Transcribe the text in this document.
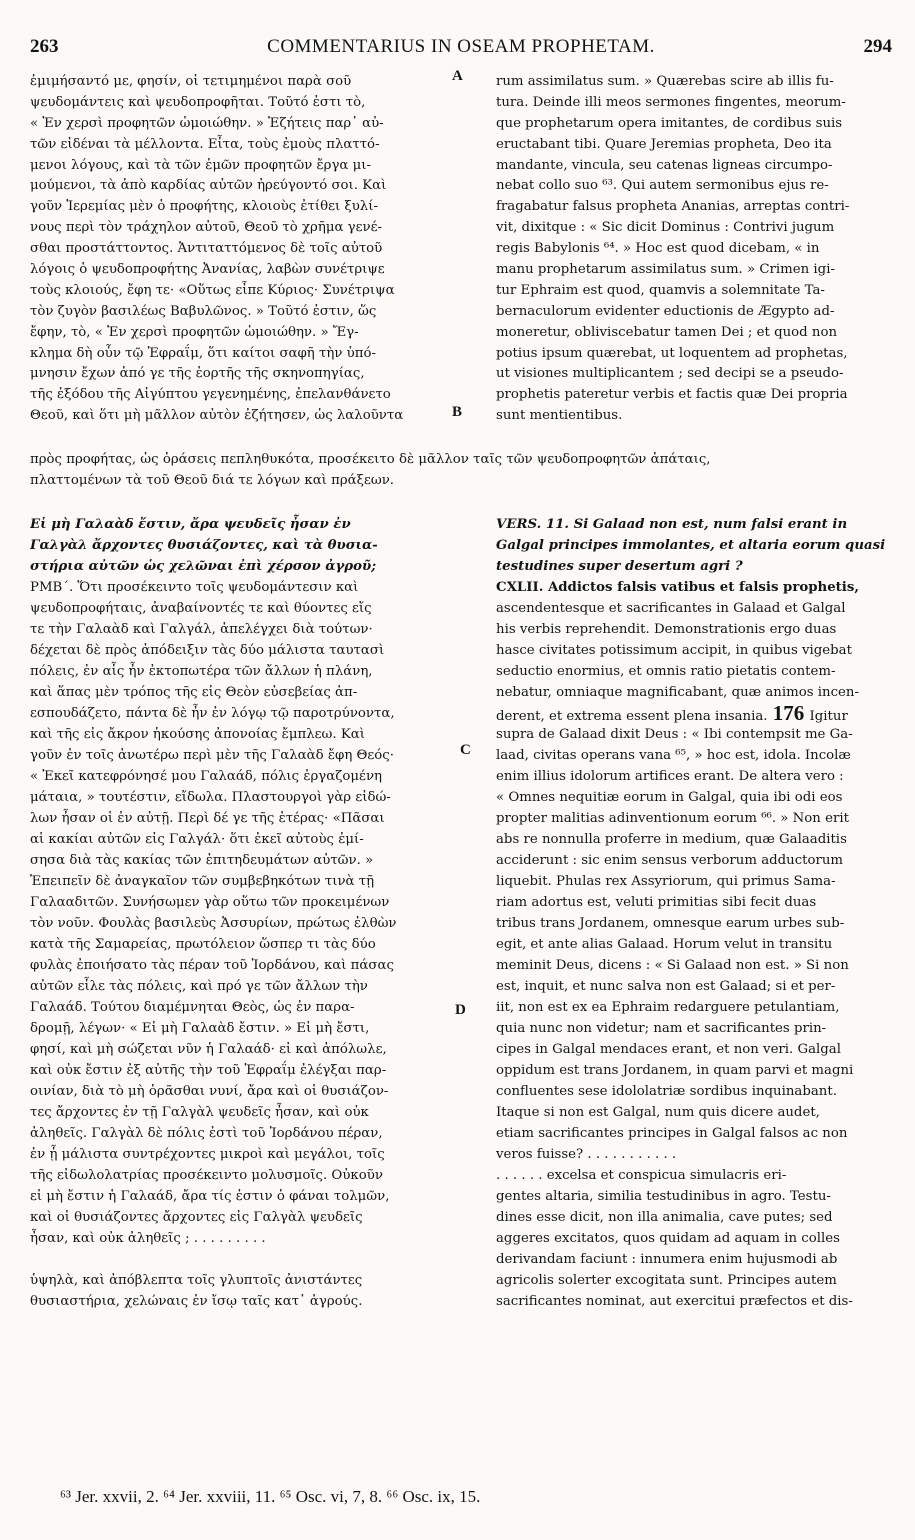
263	COMMENTARIUS IN OSEAM PROPHETAM.	294
ἐμιμήσαντό με, φησίν, οἱ τετιμημένοι παρὰ σοῦ
ψευδομάντεις καὶ ψευδοπροφῆται. Τοῦτό ἐστι τὸ,
« Ἐν χερσὶ προφητῶν ὡμοιώθην. » Ἐζήτεις παρ᾽ αὐ-
τῶν εἰδέναι τὰ μέλλοντα. Εἶτα, τοὺς ἐμοὺς πλαττό-
μενοι λόγους, καὶ τὰ τῶν ἐμῶν προφητῶν ἔργα μι-
μούμενοι, τὰ ἀπὸ καρδίας αὐτῶν ἠρεύγοντό σοι. Καὶ
γοῦν Ἱερεμίας μὲν ὁ προφήτης, κλοιοὺς ἐτίθει ξυλί-
νους περὶ τὸν τράχηλον αὐτοῦ, Θεοῦ τὸ χρῆμα γενέ-
σθαι προστάττοντος. Ἀντιταττόμενος δὲ τοῖς αὐτοῦ
λόγοις ὁ ψευδοπροφήτης Ἀνανίας, λαβὼν συνέτριψε
τοὺς κλοιούς, ἔφη τε· «Οὕτως εἶπε Κύριος· Συνέτριψα
τὸν ζυγὸν βασιλέως Βαβυλῶνος. » Τοῦτό ἐστιν, ὥς
ἔφην, τὸ, « Ἐν χερσὶ προφητῶν ὡμοιώθην. » Ἔγ-
κλημα δὴ οὖν τῷ Ἐφραΐμ, ὅτι καίτοι σαφῆ τὴν ὑπό-
μνησιν ἔχων ἀπό γε τῆς ἑορτῆς τῆς σκηνοπηγίας,
τῆς ἐξόδου τῆς Αἰγύπτου γεγενημένης, ἐπελανθάνετο
Θεοῦ, καὶ ὅτι μὴ μᾶλλον αὐτὸν ἐζήτησεν, ὡς λαλοῦντα
rum assimilatus sum. » Quærebas scire ab illis fu-
tura. Deinde illi meos sermones fingentes, meorum-
que prophetarum opera imitantes, de cordibus suis
eructabant tibi. Quare Jeremias propheta, Deo ita
mandante, vincula, seu catenas ligneas circumpo-
nebat collo suo ⁶³. Qui autem sermonibus ejus re-
fragabatur falsus propheta Ananias, arreptas contri-
vit, dixitque : « Sic dicit Dominus : Contrivi jugum
regis Babylonis ⁶⁴. » Hoc est quod dicebam, « in
manu prophetarum assimilatus sum. » Crimen igi-
tur Ephraim est quod, quamvis a solemnitate Ta-
bernaculorum evidenter eductionis de Ægypto ad-
moneretur, obliviscebatur tamen Dei ; et quod non
potius ipsum quærebat, ut loquentem ad prophetas,
ut visiones multiplicantem ; sed decipi se a pseudo-
prophetis pateretur verbis et factis quæ Dei propria
sunt mentientibus.
πρὸς προφήτας, ὡς ὁράσεις πεπληθυκότα, προσέκειτο δὲ μᾶλλον ταῖς τῶν ψευδοπροφητῶν ἀπάταις,
πλαττομένων τὰ τοῦ Θεοῦ διά τε λόγων καὶ πράξεων.
Εἰ μὴ Γαλαὰδ ἔστιν, ἄρα ψευδεῖς ἦσαν ἐν
Γαλγὰλ ἄρχοντες θυσιάζοντες, καὶ τὰ θυσια-
στήρια αὐτῶν ὡς χελῶναι ἐπὶ χέρσον ἀγροῦ;
ΡΜΒ´. Ὅτι προσέκειντο τοῖς ψευδομάντεσιν καὶ
ψευδοπροφήταις, ἀναβαίνοντές τε καὶ θύοντες εἴς
τε τὴν Γαλαὰδ καὶ Γαλγάλ, ἀπελέγχει διὰ τούτων·
δέχεται δὲ πρὸς ἀπόδειξιν τὰς δύο μάλιστα ταυτασὶ
πόλεις, ἐν αἷς ἦν ἐκτοπωτέρα τῶν ἄλλων ἡ πλάνη,
καὶ ἅπας μὲν τρόπος τῆς εἰς Θεὸν εὐσεβείας ἀπ-
εσπουδάζετο, πάντα δὲ ἦν ἐν λόγῳ τῷ παροτρύνοντα,
καὶ τῆς εἰς ἄκρον ἡκούσης ἀπονοίας ἔμπλεω. Καὶ
γοῦν ἐν τοῖς ἀνωτέρω περὶ μὲν τῆς Γαλαὰδ ἔφη Θεός·
« Ἐκεῖ κατεφρόνησέ μου Γαλαάδ, πόλις ἐργαζομένη
μάταια, » τουτέστιν, εἴδωλα. Πλαστουργοὶ γὰρ εἰδώ-
λων ἦσαν οἱ ἐν αὐτῇ. Περὶ δέ γε τῆς ἑτέρας· «Πᾶσαι
αἱ κακίαι αὐτῶν εἰς Γαλγάλ· ὅτι ἐκεῖ αὐτοὺς ἐμί-
σησα διὰ τὰς κακίας τῶν ἐπιτηδευμάτων αὐτῶν. »
Ἐπειπεῖν δὲ ἀναγκαῖον τῶν συμβεβηκότων τινὰ τῇ
Γαλααδιτῶν. Συνήσωμεν γὰρ οὕτω τῶν προκειμένων
τὸν νοῦν. Φουλὰς βασιλεὺς Ἀσσυρίων, πρώτως ἐλθὼν
κατὰ τῆς Σαμαρείας, πρωτόλειον ὥσπερ τι τὰς δύο
φυλὰς ἐποιήσατο τὰς πέραν τοῦ Ἰορδάνου, καὶ πάσας
αὐτῶν εἷλε τὰς πόλεις, καὶ πρό γε τῶν ἄλλων τὴν
Γαλαάδ. Τούτου διαμέμνηται Θεὸς, ὡς ἐν παρα-
δρομῇ, λέγων· « Εἰ μὴ Γαλαὰδ ἔστιν. » Εἰ μὴ ἔστι,
φησί, καὶ μὴ σώζεται νῦν ἡ Γαλαάδ· εἰ καὶ ἀπόλωλε,
καὶ οὐκ ἔστιν ἐξ αὐτῆς τὴν τοῦ Ἐφραΐμ ἐλέγξαι παρ-
οινίαν, διὰ τὸ μὴ ὁρᾶσθαι νυνί, ἄρα καὶ οἱ θυσιάζον-
τες ἄρχοντες ἐν τῇ Γαλγὰλ ψευδεῖς ἦσαν, καὶ οὐκ
ἀληθεῖς. Γαλγὰλ δὲ πόλις ἐστὶ τοῦ Ἰορδάνου πέραν,
ἐν ᾗ μάλιστα συντρέχοντες μικροὶ καὶ μεγάλοι, τοῖς
τῆς εἰδωλολατρίας προσέκειντο μολυσμοῖς. Οὐκοῦν
εἰ μὴ ἔστιν ἡ Γαλαάδ, ἄρα τίς ἐστιν ὁ φάναι τολμῶν,
καὶ οἱ θυσιάζοντες ἄρχοντες εἰς Γαλγὰλ ψευδεῖς
ἦσαν, καὶ οὐκ ἀληθεῖς ; . . . . . . . . .
ὑψηλὰ, καὶ ἀπόβλεπτα τοῖς γλυπτοῖς ἀνιστάντες
θυσιαστήρια, χελώναις ἐν ἴσῳ ταῖς κατ᾽ ἀγρούς.
VERS. 11. Si Galaad non est, num falsi erant in
Galgal principes immolantes, et altaria eorum quasi
testudines super desertum agri ?
CXLII. Addictos falsis vatibus et falsis prophetis,
ascendentesque et sacrificantes in Galaad et Galgal
his verbis reprehendit. Demonstrationis ergo duas
hasce civitates potissimum accipit, in quibus vigebat
seductio enormius, et omnis ratio pietatis contem-
nebatur, omniaque magnificabant, quæ animos incen-
derent, et extrema essent plena insania. 176 Igitur
supra de Galaad dixit Deus : « Ibi contempsit me Ga-
laad, civitas operans vana ⁶⁵, » hoc est, idola. Incolæ
enim illius idolorum artifices erant. De altera vero :
« Omnes nequitiæ eorum in Galgal, quia ibi odi eos
propter malitias adinventionum eorum ⁶⁶. » Non erit
abs re nonnulla proferre in medium, quæ Galaaditis
acciderunt : sic enim sensus verborum adductorum
liquebit. Phulas rex Assyriorum, qui primus Sama-
riam adortus est, veluti primitias sibi fecit duas
tribus trans Jordanem, omnesque earum urbes sub-
egit, et ante alias Galaad. Horum velut in transitu
meminit Deus, dicens : « Si Galaad non est. » Si non
est, inquit, et nunc salva non est Galaad; si et per-
iit, non est ex ea Ephraim redarguere petulantiam,
quia nunc non videtur; nam et sacrificantes prin-
cipes in Galgal mendaces erant, et non veri. Galgal
oppidum est trans Jordanem, in quam parvi et magni
confluentes sese idololatriæ sordibus inquinabant.
Itaque si non est Galgal, num quis dicere audet,
etiam sacrificantes principes in Galgal falsos ac non
veros fuisse? . . . . . . . . . . .
. . . . . . excelsa et conspicua simulacris eri-
gentes altaria, similia testudinibus in agro. Testu-
dines esse dicit, non illa animalia, cave putes; sed
aggeres excitatos, quos quidam ad aquam in colles
derivandam faciunt : innumera enim hujusmodi ab
agricolis solerter excogitata sunt. Principes autem
sacrificantes nominat, aut exercitui præfectos et dis-
A
B
C
D
⁶³ Jer. xxvii, 2. ⁶⁴ Jer. xxviii, 11. ⁶⁵ Osc. vi, 7, 8. ⁶⁶ Osc. ix, 15.
